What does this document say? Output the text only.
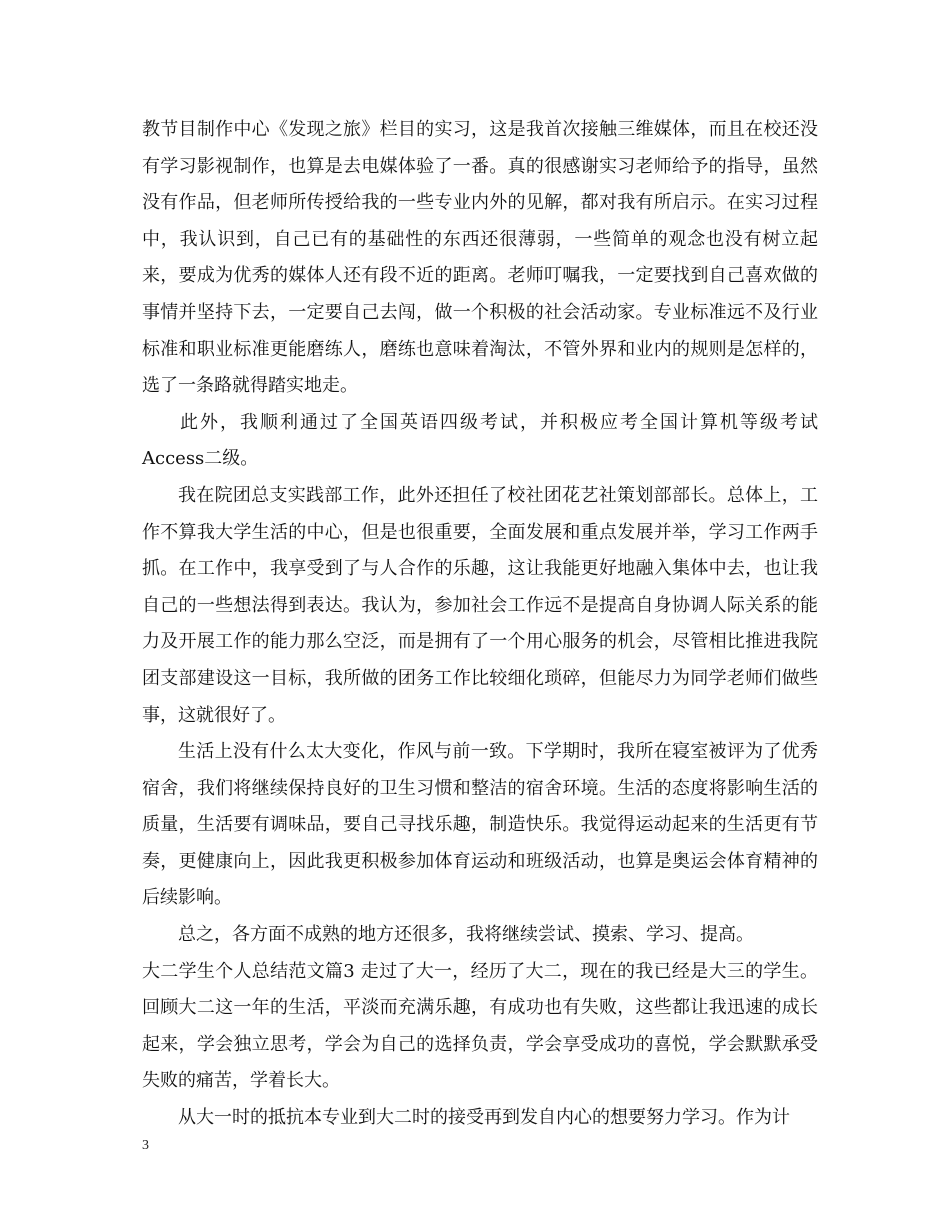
教节目制作中心《发现之旅》栏目的实习，这是我首次接触三维媒体，而且在校还没有学习影视制作，也算是去电媒体验了一番。真的很感谢实习老师给予的指导，虽然没有作品，但老师所传授给我的一些专业内外的见解，都对我有所启示。在实习过程中，我认识到，自己已有的基础性的东西还很薄弱，一些简单的观念也没有树立起来，要成为优秀的媒体人还有段不近的距离。老师叮嘱我，一定要找到自己喜欢做的事情并坚持下去，一定要自己去闯，做一个积极的社会活动家。专业标准远不及行业标准和职业标准更能磨练人，磨练也意味着淘汰，不管外界和业内的规则是怎样的，选了一条路就得踏实地走。

此外，我顺利通过了全国英语四级考试，并积极应考全国计算机等级考试Access二级。

我在院团总支实践部工作，此外还担任了校社团花艺社策划部部长。总体上，工作不算我大学生活的中心，但是也很重要，全面发展和重点发展并举，学习工作两手抓。在工作中，我享受到了与人合作的乐趣，这让我能更好地融入集体中去，也让我自己的一些想法得到表达。我认为，参加社会工作远不是提高自身协调人际关系的能力及开展工作的能力那么空泛，而是拥有了一个用心服务的机会，尽管相比推进我院团支部建设这一目标，我所做的团务工作比较细化琐碎，但能尽力为同学老师们做些事，这就很好了。

生活上没有什么太大变化，作风与前一致。下学期时，我所在寝室被评为了优秀宿舍，我们将继续保持良好的卫生习惯和整洁的宿舍环境。生活的态度将影响生活的质量，生活要有调味品，要自己寻找乐趣，制造快乐。我觉得运动起来的生活更有节奏，更健康向上，因此我更积极参加体育运动和班级活动，也算是奥运会体育精神的后续影响。

总之，各方面不成熟的地方还很多，我将继续尝试、摸索、学习、提高。

大二学生个人总结范文篇3 走过了大一，经历了大二，现在的我已经是大三的学生。回顾大二这一年的生活，平淡而充满乐趣，有成功也有失败，这些都让我迅速的成长起来，学会独立思考，学会为自己的选择负责，学会享受成功的喜悦，学会默默承受失败的痛苦，学着长大。

从大一时的抵抗本专业到大二时的接受再到发自内心的想要努力学习。作为计

3
